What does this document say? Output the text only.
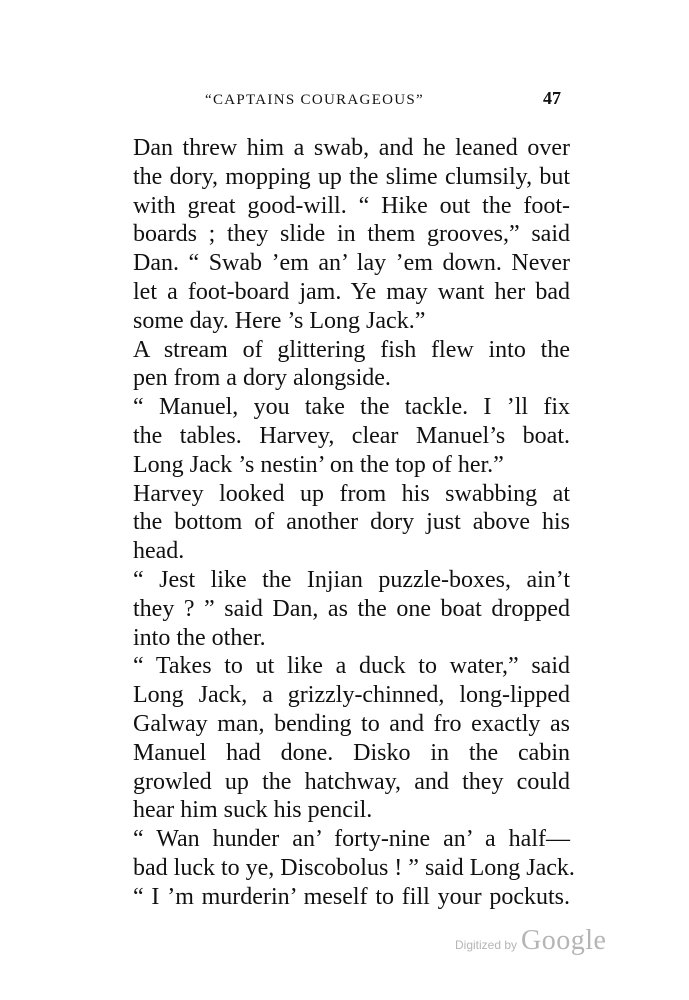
“CAPTAINS COURAGEOUS”	47

Dan threw him a swab, and he leaned over
the dory, mopping up the slime clumsily, but
with great good-will. “ Hike out the foot-
boards ; they slide in them grooves,” said
Dan. “ Swab ’em an’ lay ’em down. Never
let a foot-board jam. Ye may want her bad
some day. Here ’s Long Jack.”

A stream of glittering fish flew into the
pen from a dory alongside.

“ Manuel, you take the tackle. I ’ll fix
the tables. Harvey, clear Manuel’s boat.
Long Jack ’s nestin’ on the top of her.”

Harvey looked up from his swabbing at
the bottom of another dory just above his
head.

“ Jest like the Injian puzzle-boxes, ain’t
they ? ” said Dan, as the one boat dropped
into the other.

“ Takes to ut like a duck to water,” said
Long Jack, a grizzly-chinned, long-lipped
Galway man, bending to and fro exactly as
Manuel had done. Disko in the cabin
growled up the hatchway, and they could
hear him suck his pencil.

“ Wan hunder an’ forty-nine an’ a half—
bad luck to ye, Discobolus ! ” said Long Jack.
“ I ’m murderin’ meself to fill your pockuts.

Digitized by Google
